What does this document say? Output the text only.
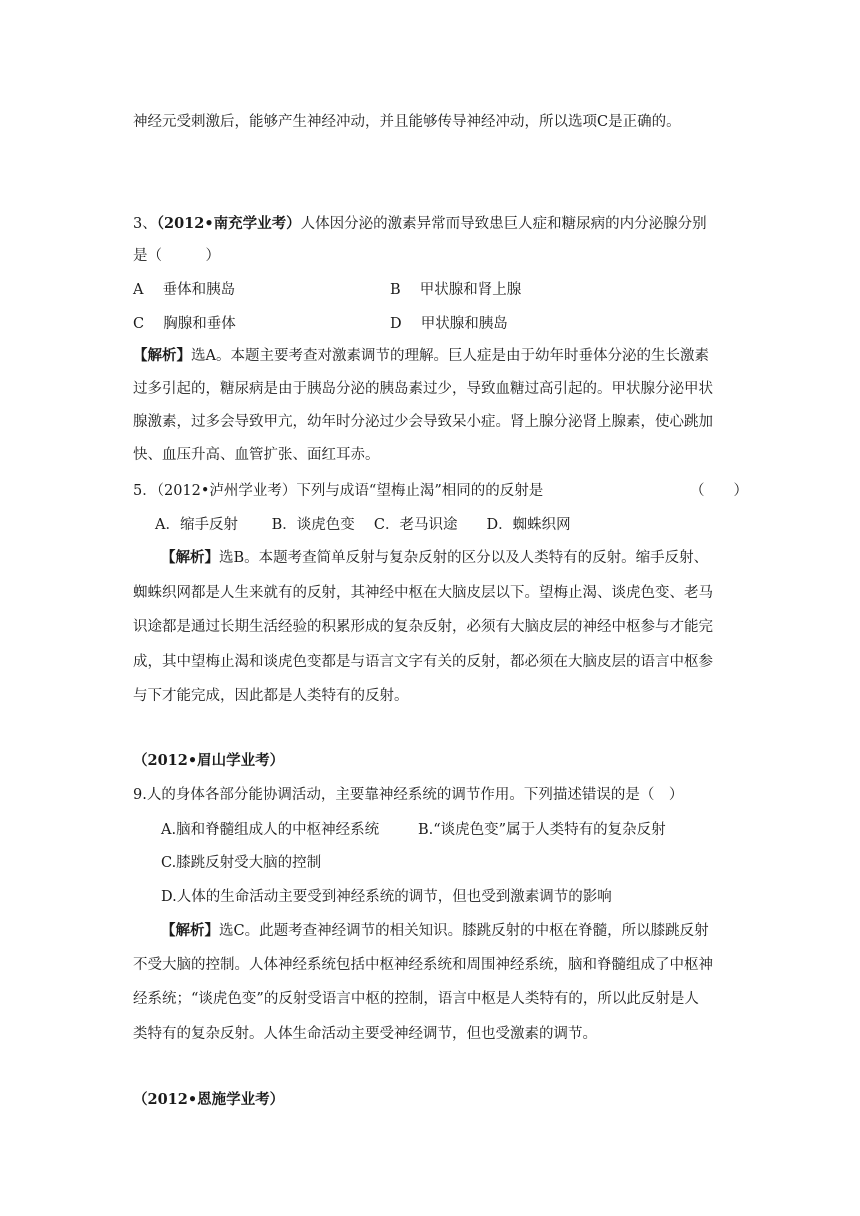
神经元受刺激后，能够产生神经冲动，并且能够传导神经冲动，所以选项C是正确的。
3、（2012•南充学业考）人体因分泌的激素异常而导致患巨人症和糖尿病的内分泌腺分别
是（　　　）
A　 垂体和胰岛	B　 甲状腺和肾上腺
C　 胸腺和垂体	D　 甲状腺和胰岛
【解析】选A。本题主要考查对激素调节的理解。巨人症是由于幼年时垂体分泌的生长激素
过多引起的，糖尿病是由于胰岛分泌的胰岛素过少，导致血糖过高引起的。甲状腺分泌甲状
腺激素，过多会导致甲亢，幼年时分泌过少会导致呆小症。肾上腺分泌肾上腺素，使心跳加
快、血压升高、血管扩张、面红耳赤。
5．（2012•泸州学业考）下列与成语“望梅止渴”相同的的反射是	（　　）
A．缩手反射　　 B．谈虎色变　 C．老马识途　　D．蜘蛛织网
【解析】选B。本题考查简单反射与复杂反射的区分以及人类特有的反射。缩手反射、
蜘蛛织网都是人生来就有的反射，其神经中枢在大脑皮层以下。望梅止渴、谈虎色变、老马
识途都是通过长期生活经验的积累形成的复杂反射，必须有大脑皮层的神经中枢参与才能完
成，其中望梅止渴和谈虎色变都是与语言文字有关的反射，都必须在大脑皮层的语言中枢参
与下才能完成，因此都是人类特有的反射。
（2012•眉山学业考）
9.人的身体各部分能协调活动，主要靠神经系统的调节作用。下列描述错误的是（　）
A.脑和脊髓组成人的中枢神经系统	B.“谈虎色变”属于人类特有的复杂反射
C.膝跳反射受大脑的控制
D.人体的生命活动主要受到神经系统的调节，但也受到激素调节的影响
【解析】选C。此题考查神经调节的相关知识。膝跳反射的中枢在脊髓，所以膝跳反射
不受大脑的控制。人体神经系统包括中枢神经系统和周围神经系统，脑和脊髓组成了中枢神
经系统；“谈虎色变”的反射受语言中枢的控制，语言中枢是人类特有的，所以此反射是人
类特有的复杂反射。人体生命活动主要受神经调节，但也受激素的调节。
（2012•恩施学业考）
